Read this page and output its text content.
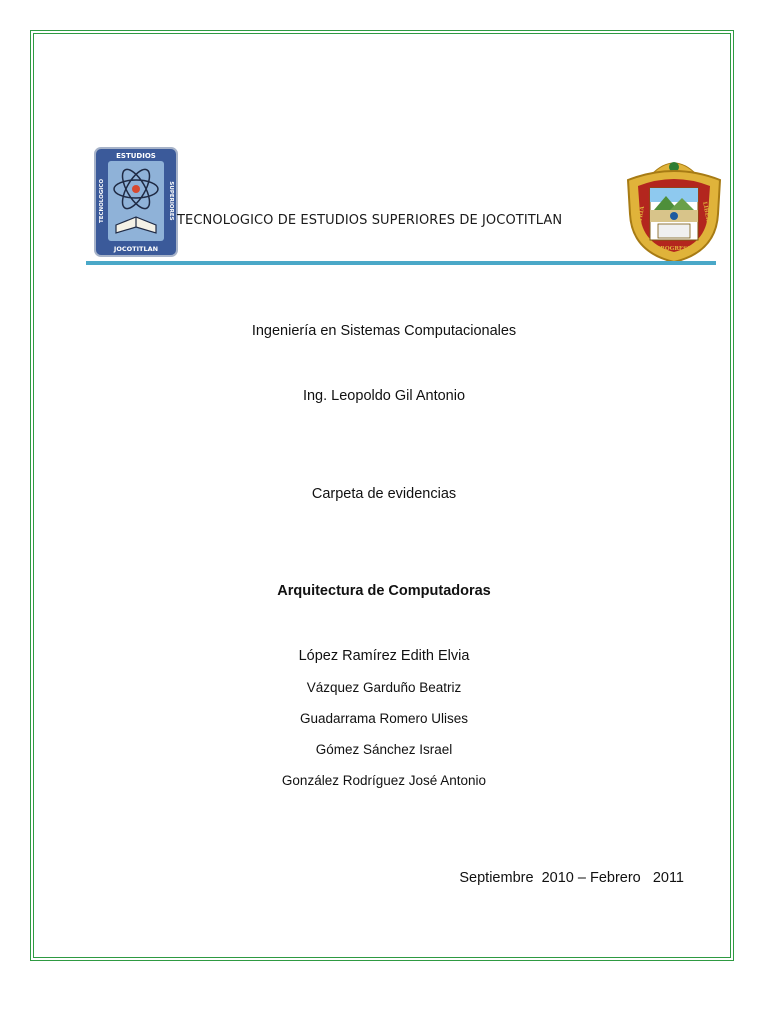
ESTUDIOS
JOCOTITLAN
TECNOLOGICO	SUPERIORES TECNOLOGICO DE ESTUDIOS SUPERIORES DE JOCOTITLAN	PATRIA	LIBERTAD
PROGRESO
Ingeniería en Sistemas Computacionales
Ing. Leopoldo Gil Antonio
Carpeta de evidencias
Arquitectura de Computadoras
López Ramírez Edith Elvia
Vázquez Garduño Beatriz
Guadarrama Romero Ulises
Gómez Sánchez Israel
González Rodríguez José Antonio
Septiembre  2010 – Febrero   2011
